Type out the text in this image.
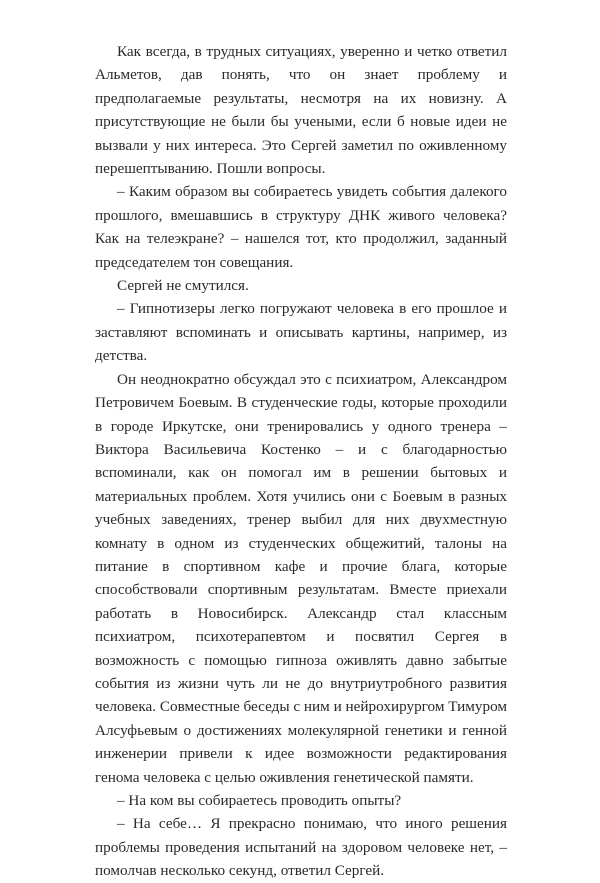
Как всегда, в трудных ситуациях, уверенно и четко ответил Альметов, дав понять, что он знает проблему и предполагаемые результаты, несмотря на их новизну. А присутствующие не были бы учеными, если б новые идеи не вызвали у них интереса. Это Сергей заметил по оживленному перешептыванию. Пошли вопросы.

– Каким образом вы собираетесь увидеть события далекого прошлого, вмешавшись в структуру ДНК живого человека? Как на телеэкране? – нашелся тот, кто продолжил, заданный председателем тон совещания.

Сергей не смутился.

– Гипнотизеры легко погружают человека в его прошлое и заставляют вспоминать и описывать картины, например, из детства.

Он неоднократно обсуждал это с психиатром, Александром Петровичем Боевым. В студенческие годы, которые проходили в городе Иркутске, они тренировались у одного тренера – Виктора Васильевича Костенко – и с благодарностью вспоминали, как он помогал им в решении бытовых и материальных проблем. Хотя учились они с Боевым в разных учебных заведениях, тренер выбил для них двухместную комнату в одном из студенческих общежитий, талоны на питание в спортивном кафе и прочие блага, которые способствовали спортивным результатам. Вместе приехали работать в Новосибирск. Александр стал классным психиатром, психотерапевтом и посвятил Сергея в возможность с помощью гипноза оживлять давно забытые события из жизни чуть ли не до внутриутробного развития человека. Совместные беседы с ним и нейрохирургом Тимуром Алсуфьевым о достижениях молекулярной генетики и генной инженерии привели к идее возможности редактирования генома человека с целью оживления генетической памяти.

– На ком вы собираетесь проводить опыты?

– На себе… Я прекрасно понимаю, что иного решения проблемы проведения испытаний на здоровом человеке нет, – помолчав несколько секунд, ответил Сергей.
